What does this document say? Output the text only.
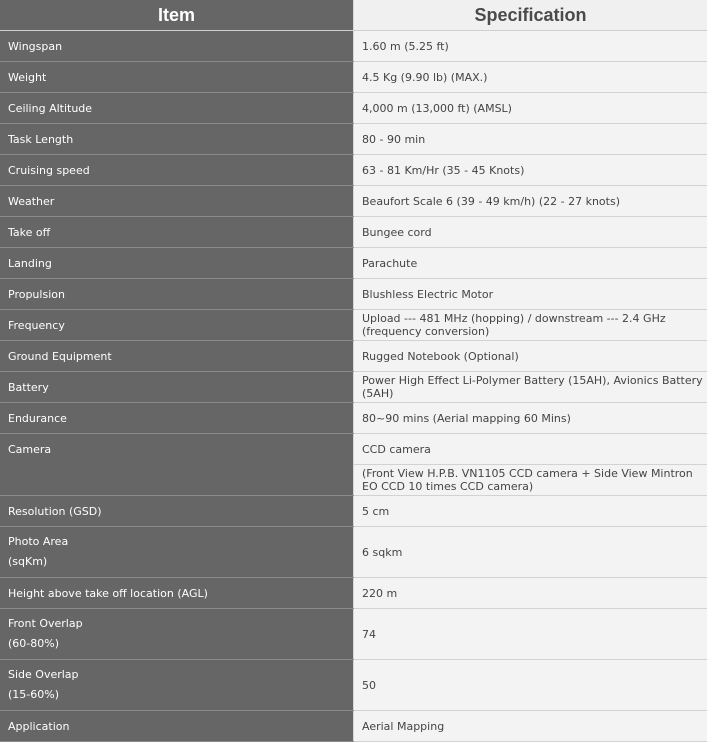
Item	Specification
Wingspan	1.60 m (5.25 ft)
Weight	4.5 Kg (9.90 lb) (MAX.)
Ceiling Altitude	4,000 m (13,000 ft) (AMSL)
Task Length	80 - 90 min
Cruising speed	63 - 81 Km/Hr (35 - 45 Knots)
Weather	Beaufort Scale 6 (39 - 49 km/h) (22 - 27 knots)
Take off	Bungee cord
Landing	Parachute
Propulsion	Blushless Electric Motor
Frequency	Upload --- 481 MHz (hopping) / downstream --- 2.4 GHz (frequency conversion)
Ground Equipment	Rugged Notebook (Optional)
Battery	Power High Effect Li-Polymer Battery (15AH), Avionics Battery (5AH)
Endurance	80~90 mins (Aerial mapping 60 Mins)
Camera	CCD camera
	(Front View H.P.B. VN1105 CCD camera + Side View Mintron EO CCD 10 times CCD camera)
Resolution (GSD)	5 cm

Photo Area
(sqKm)	6 sqkm
Height above take off location (AGL)	220 m

Front Overlap
(60-80%)	74

Side Overlap
(15-60%)	50
Application	Aerial Mapping
